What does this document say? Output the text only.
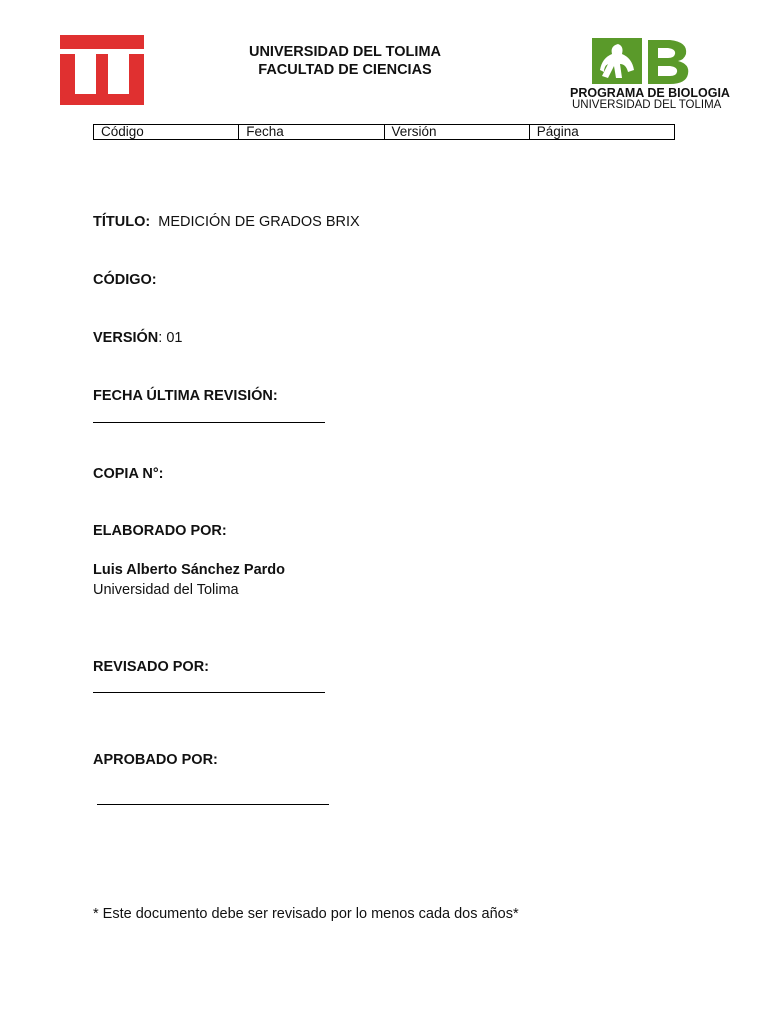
UNIVERSIDAD DEL TOLIMA
FACULTAD DE CIENCIAS
PROGRAMA DE BIOLOGIA
UNIVERSIDAD DEL TOLIMA
Código	Fecha	Versión	Página
TÍTULO: MEDICIÓN DE GRADOS BRIX
CÓDIGO:
VERSIÓN: 01
FECHA ÚLTIMA REVISIÓN:
COPIA N°:
ELABORADO POR:
Luis Alberto Sánchez Pardo
Universidad del Tolima
REVISADO POR:
APROBADO POR:
* Este documento debe ser revisado por lo menos cada dos años*
